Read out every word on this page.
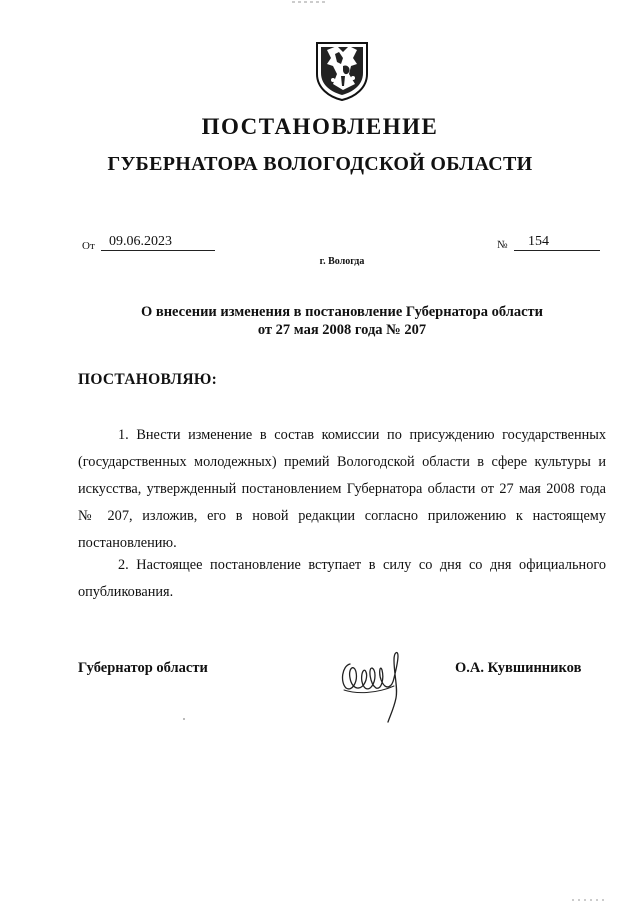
ПОСТАНОВЛЕНИЕ
ГУБЕРНАТОРА ВОЛОГОДСКОЙ ОБЛАСТИ
От	09.06.2023	№	154
г. Вологда
О внесении изменения в постановление Губернатора области
от 27 мая 2008 года № 207
ПОСТАНОВЛЯЮ:
1. Внести изменение в состав комиссии по присуждению государственных (государственных молодежных) премий Вологодской области в сфере культуры и искусства, утвержденный постановлением Губернатора области от 27 мая 2008 года № 207, изложив, его в новой редакции согласно приложению к настоящему постановлению.
2. Настоящее постановление вступает в силу со дня со дня официального опубликования.
Губернатор области	О.А. Кувшинников
